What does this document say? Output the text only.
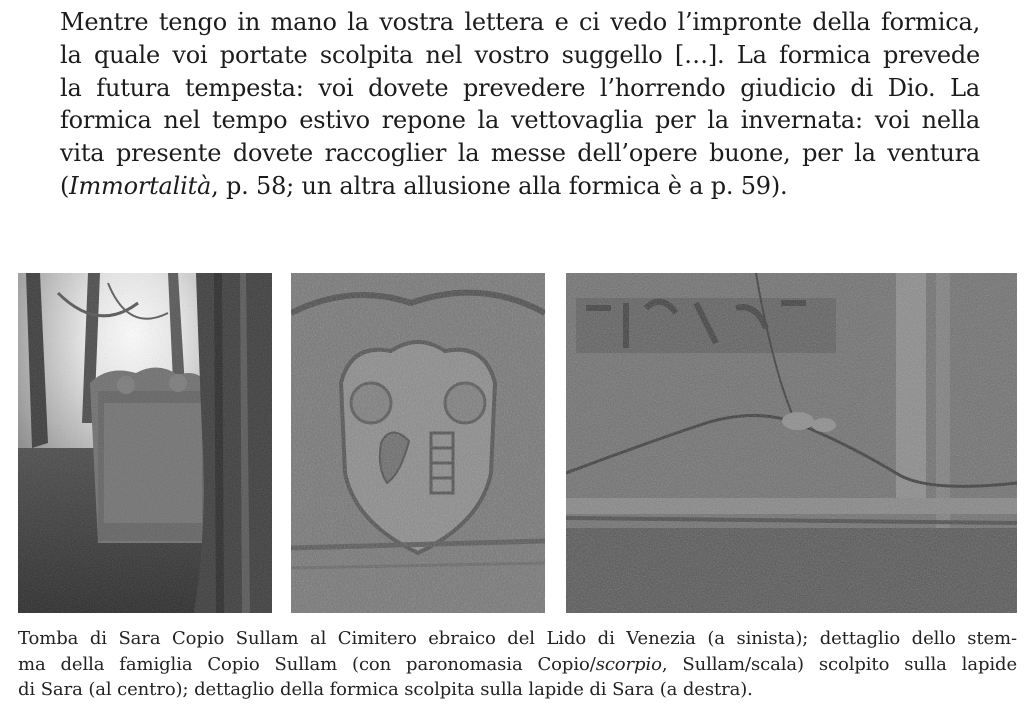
Mentre tengo in mano la vostra lettera e ci vedo l’impronte della formica,
la quale voi portate scolpita nel vostro suggello […]. La formica prevede
la futura tempesta: voi dovete prevedere l’horrendo giudicio di Dio. La
formica nel tempo estivo repone la vettovaglia per la invernata: voi nella
vita presente dovete raccoglier la messe dell’opere buone, per la ventura
(Immortalità, p. 58; un altra allusione alla formica è a p. 59).
Tomba di Sara Copio Sullam al Cimitero ebraico del Lido di Venezia (a sinista); dettaglio dello stem-
ma della famiglia Copio Sullam (con paronomasia Copio/scorpio, Sullam/scala) scolpito sulla lapide
di Sara (al centro); dettaglio della formica scolpita sulla lapide di Sara (a destra).
